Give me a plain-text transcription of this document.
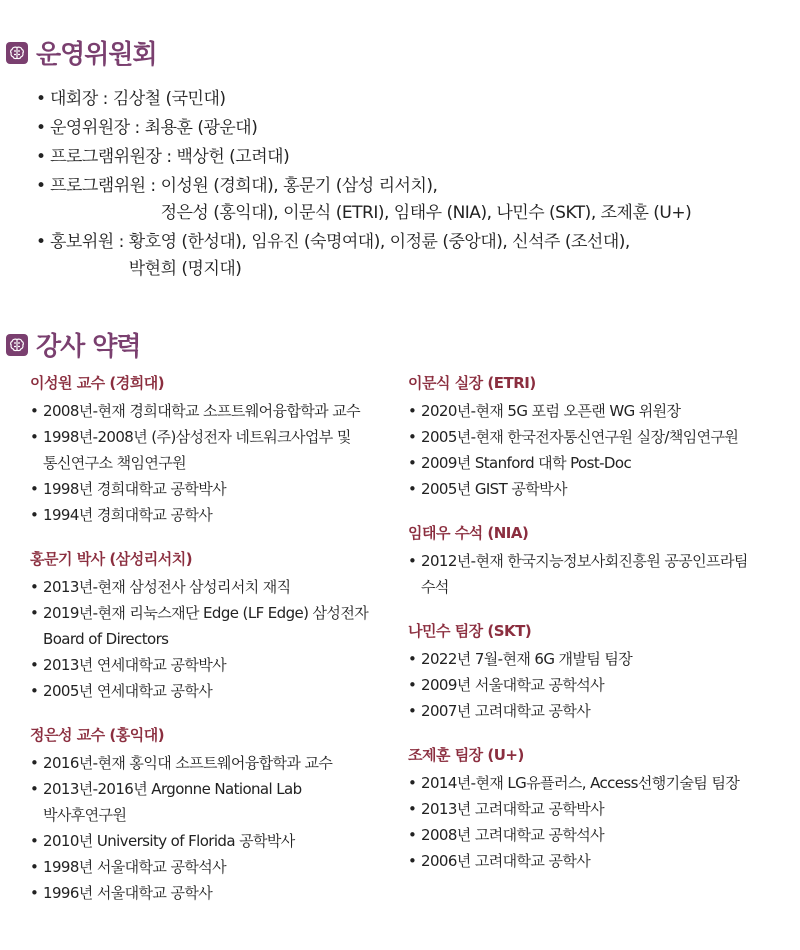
운영위원회
• 대회장 : 김상철 (국민대)
• 운영위원장 : 최용훈 (광운대)
• 프로그램위원장 : 백상헌 (고려대)
• 프로그램위원 : 이성원 (경희대), 홍문기 (삼성 리서치),
정은성 (홍익대), 이문식 (ETRI), 임태우 (NIA), 나민수 (SKT), 조제훈 (U+)
• 홍보위원 : 황호영 (한성대), 임유진 (숙명여대), 이정륜 (중앙대), 신석주 (조선대),
박현희 (명지대)
강사 약력
이성원 교수 (경희대)
• 2008년-현재 경희대학교 소프트웨어융합학과 교수
• 1998년-2008년 (주)삼성전자 네트워크사업부 및
통신연구소 책임연구원
• 1998년 경희대학교 공학박사
• 1994년 경희대학교 공학사
홍문기 박사 (삼성리서치)
• 2013년-현재 삼성전사 삼성리서치 재직
• 2019년-현재 리눅스재단 Edge (LF Edge) 삼성전자
Board of Directors
• 2013년 연세대학교 공학박사
• 2005년 연세대학교 공학사
정은성 교수 (홍익대)
• 2016년-현재 홍익대 소프트웨어융합학과 교수
• 2013년-2016년 Argonne National Lab
박사후연구원
• 2010년 University of Florida 공학박사
• 1998년 서울대학교 공학석사
• 1996년 서울대학교 공학사
이문식 실장 (ETRI)
• 2020년-현재 5G 포럼 오픈랜 WG 위원장
• 2005년-현재 한국전자통신연구원 실장/책임연구원
• 2009년 Stanford 대학 Post-Doc
• 2005년 GIST 공학박사
임태우 수석 (NIA)
• 2012년-현재 한국지능정보사회진흥원 공공인프라팀
수석
나민수 팀장 (SKT)
• 2022년 7월-현재 6G 개발팀 팀장
• 2009년 서울대학교 공학석사
• 2007년 고려대학교 공학사
조제훈 팀장 (U+)
• 2014년-현재 LG유플러스, Access선행기술팀 팀장
• 2013년 고려대학교 공학박사
• 2008년 고려대학교 공학석사
• 2006년 고려대학교 공학사
